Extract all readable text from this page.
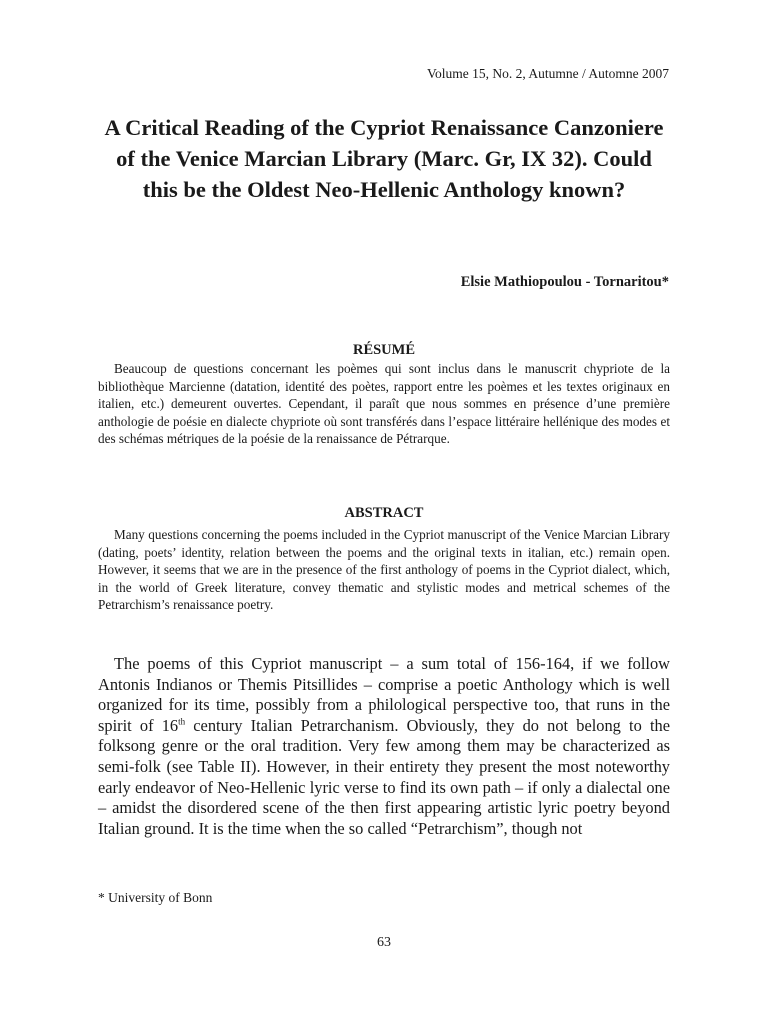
Volume 15, No. 2, Autumne / Automne 2007
A Critical Reading of the Cypriot Renaissance Canzoniere of the Venice Marcian Library (Marc. Gr, IX 32). Could this be the Oldest Neo-Hellenic Anthology known?
Elsie Mathiopoulou - Tornaritou*
RÉSUMÉ

Beaucoup de questions concernant les poèmes qui sont inclus dans le manuscrit chypriote de la bibliothèque Marcienne (datation, identité des poètes, rapport entre les poèmes et les textes originaux en italien, etc.) demeurent ouvertes. Cependant, il paraît que nous sommes en présence d’une première anthologie de poésie en dialecte chypriote où sont transférés dans l’espace littéraire hellénique des modes et des schémas métriques de la poésie de la renaissance de Pétrarque.

ABSTRACT

Many questions concerning the poems included in the Cypriot manuscript of the Venice Marcian Library (dating, poets’ identity, relation between the poems and the original texts in italian, etc.) remain open. However, it seems that we are in the presence of the first anthology of poems in the Cypriot dialect, which, in the world of Greek literature, convey thematic and stylistic modes and metrical schemes of the Petrarchism’s renaissance poetry.

The poems of this Cypriot manuscript – a sum total of 156-164, if we follow Antonis Indianos or Themis Pitsillides – comprise a poetic Anthology which is well organized for its time, possibly from a philological perspective too, that runs in the spirit of 16th century Italian Petrarchanism. Obviously, they do not belong to the folksong genre or the oral tradition. Very few among them may be characterized as semi-folk (see Table II). However, in their entirety they present the most noteworthy early endeavor of Neo-Hellenic lyric verse to find its own path – if only a dialectal one – amidst the disordered scene of the then first appearing artistic lyric poetry beyond Italian ground. It is the time when the so called “Petrarchism”, though not

* University of Bonn
63
